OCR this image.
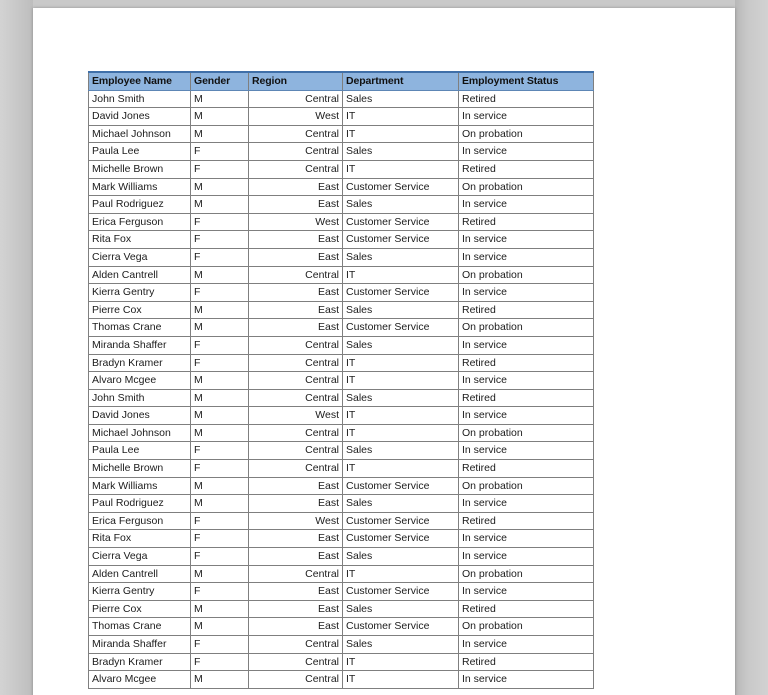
Employee Name	Gender	Region	Department	Employment Status
John Smith	M	Central	Sales	Retired
David Jones	M	West	IT	In service
Michael Johnson	M	Central	IT	On probation
Paula Lee	F	Central	Sales	In service
Michelle Brown	F	Central	IT	Retired
Mark Williams	M	East	Customer Service	On probation
Paul Rodriguez	M	East	Sales	In service
Erica Ferguson	F	West	Customer Service	Retired
Rita Fox	F	East	Customer Service	In service
Cierra Vega	F	East	Sales	In service
Alden Cantrell	M	Central	IT	On probation
Kierra Gentry	F	East	Customer Service	In service
Pierre Cox	M	East	Sales	Retired
Thomas Crane	M	East	Customer Service	On probation
Miranda Shaffer	F	Central	Sales	In service
Bradyn Kramer	F	Central	IT	Retired
Alvaro Mcgee	M	Central	IT	In service
John Smith	M	Central	Sales	Retired
David Jones	M	West	IT	In service
Michael Johnson	M	Central	IT	On probation
Paula Lee	F	Central	Sales	In service
Michelle Brown	F	Central	IT	Retired
Mark Williams	M	East	Customer Service	On probation
Paul Rodriguez	M	East	Sales	In service
Erica Ferguson	F	West	Customer Service	Retired
Rita Fox	F	East	Customer Service	In service
Cierra Vega	F	East	Sales	In service
Alden Cantrell	M	Central	IT	On probation
Kierra Gentry	F	East	Customer Service	In service
Pierre Cox	M	East	Sales	Retired
Thomas Crane	M	East	Customer Service	On probation
Miranda Shaffer	F	Central	Sales	In service
Bradyn Kramer	F	Central	IT	Retired
Alvaro Mcgee	M	Central	IT	In service
